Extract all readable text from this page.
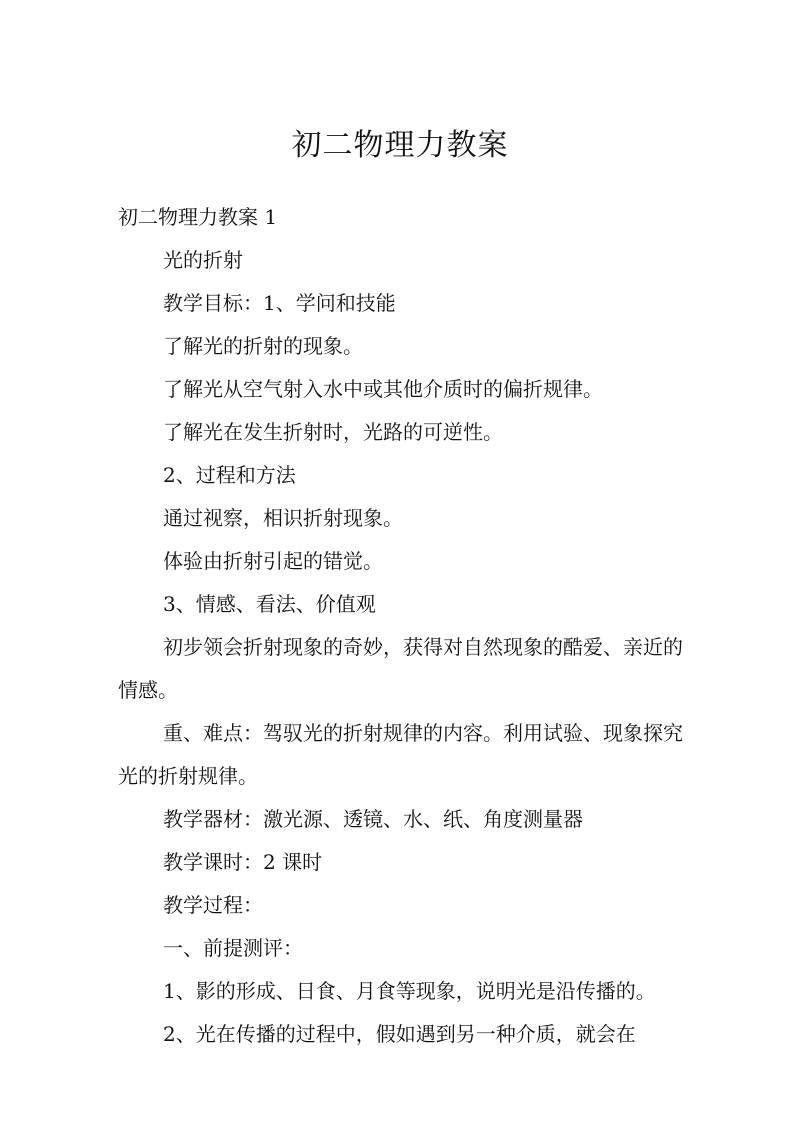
初二物理力教案

初二物理力教案 1

光的折射

教学目标：1、学问和技能

了解光的折射的现象。

了解光从空气射入水中或其他介质时的偏折规律。

了解光在发生折射时，光路的可逆性。

2、过程和方法

通过视察，相识折射现象。

体验由折射引起的错觉。

3、情感、看法、价值观

初步领会折射现象的奇妙，获得对自然现象的酷爱、亲近的情感。

重、难点：驾驭光的折射规律的内容。利用试验、现象探究光的折射规律。

教学器材：激光源、透镜、水、纸、角度测量器

教学课时：2 课时

教学过程：

一、前提测评：

1、影的形成、日食、月食等现象，说明光是沿传播的。

2、光在传播的过程中，假如遇到另一种介质，就会在
